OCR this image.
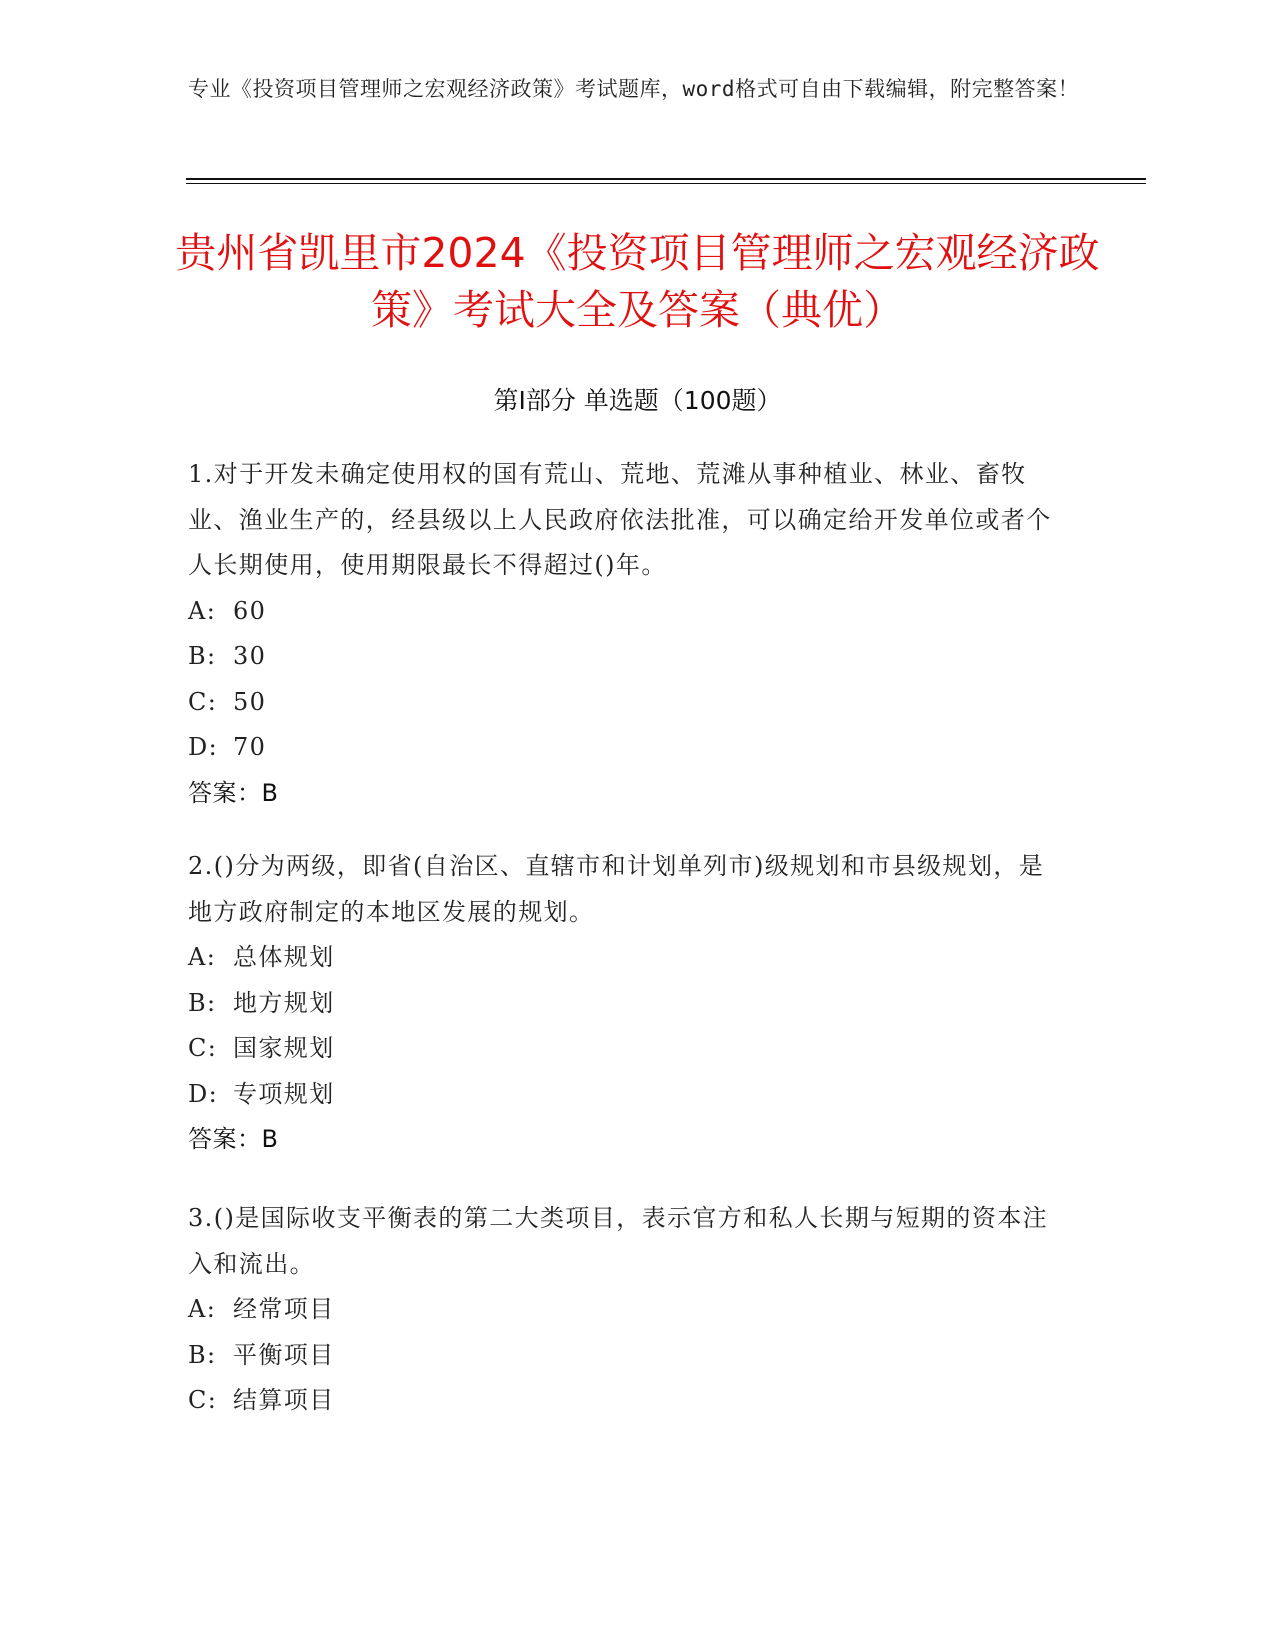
专业《投资项目管理师之宏观经济政策》考试题库，word格式可自由下载编辑，附完整答案！
贵州省凯里市2024《投资项目管理师之宏观经济政策》考试大全及答案（典优）
第Ⅰ部分 单选题（100题）

1.对于开发未确定使用权的国有荒山、荒地、荒滩从事种植业、林业、畜牧业、渔业生产的，经县级以上人民政府依法批准，可以确定给开发单位或者个人长期使用，使用期限最长不得超过()年。

A: 60

B: 30

C: 50

D: 70

答案：B

2.()分为两级，即省(自治区、直辖市和计划单列市)级规划和市县级规划，是地方政府制定的本地区发展的规划。

A: 总体规划

B: 地方规划

C: 国家规划

D: 专项规划

答案：B

3.()是国际收支平衡表的第二大类项目，表示官方和私人长期与短期的资本注入和流出。

A: 经常项目

B: 平衡项目

C: 结算项目
